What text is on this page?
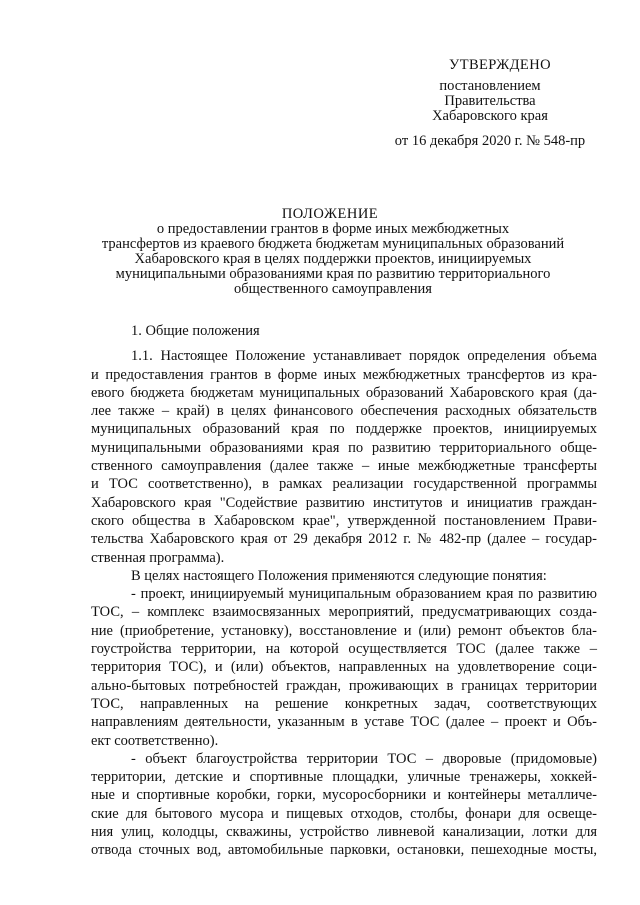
УТВЕРЖДЕНО
постановлением
Правительства
Хабаровского края
от 16 декабря 2020 г. № 548-пр
ПОЛОЖЕНИЕ
о предоставлении грантов в форме иных межбюджетных
трансфертов из краевого бюджета бюджетам муниципальных образований
Хабаровского края в целях поддержки проектов, инициируемых
муниципальными образованиями края по развитию территориального
общественного самоуправления
1. Общие положения
1.1. Настоящее Положение устанавливает порядок определения объема
и предоставления грантов в форме иных межбюджетных трансфертов из кра-
евого бюджета бюджетам муниципальных образований Хабаровского края (да-
лее также – край) в целях финансового обеспечения расходных обязательств
муниципальных образований края по поддержке проектов, инициируемых
муниципальными образованиями края по развитию территориального обще-
ственного самоуправления (далее также – иные межбюджетные трансферты
и ТОС соответственно), в рамках реализации государственной программы
Хабаровского края "Содействие развитию институтов и инициатив граждан-
ского общества в Хабаровском крае", утвержденной постановлением Прави-
тельства Хабаровского края от 29 декабря 2012 г. № 482-пр (далее – государ-
ственная программа).
В целях настоящего Положения применяются следующие понятия:
- проект, инициируемый муниципальным образованием края по развитию
ТОС, – комплекс взаимосвязанных мероприятий, предусматривающих созда-
ние (приобретение, установку), восстановление и (или) ремонт объектов бла-
гоустройства территории, на которой осуществляется ТОС (далее также –
территория ТОС), и (или) объектов, направленных на удовлетворение соци-
ально-бытовых потребностей граждан, проживающих в границах территории
ТОС, направленных на решение конкретных задач, соответствующих
направлениям деятельности, указанным в уставе ТОС (далее – проект и Объ-
ект соответственно).
- объект благоустройства территории ТОС – дворовые (придомовые)
территории, детские и спортивные площадки, уличные тренажеры, хоккей-
ные и спортивные коробки, горки, мусоросборники и контейнеры металличе-
ские для бытового мусора и пищевых отходов, столбы, фонари для освеще-
ния улиц, колодцы, скважины, устройство ливневой канализации, лотки для
отвода сточных вод, автомобильные парковки, остановки, пешеходные мосты,
